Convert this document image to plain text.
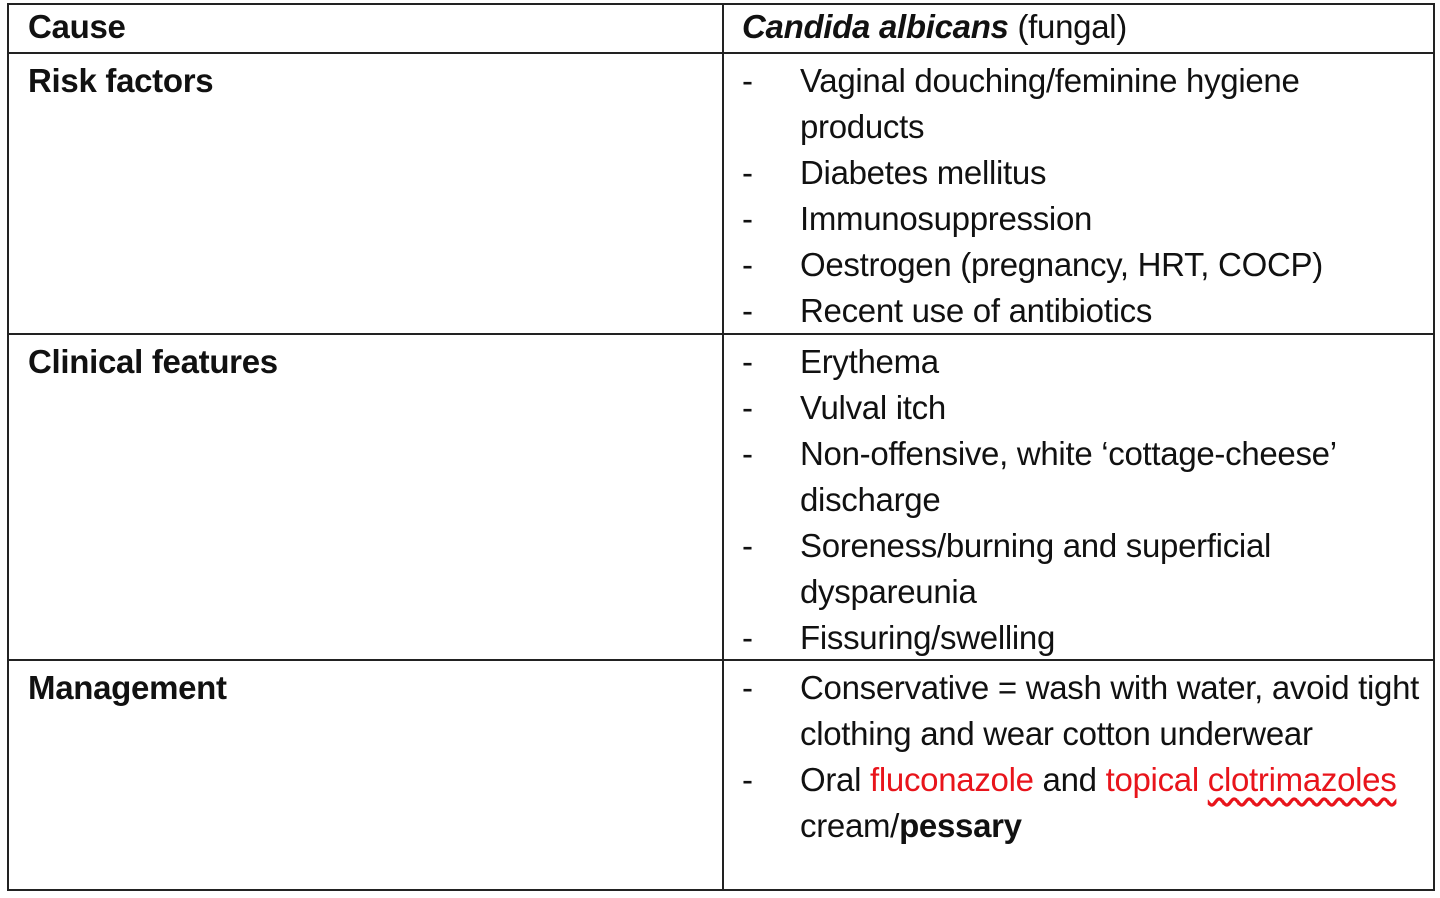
Cause	Candida albicans (fungal)
Risk factors	- Vaginal douching/feminine hygiene products
- Diabetes mellitus
- Immunosuppression
- Oestrogen (pregnancy, HRT, COCP)
- Recent use of antibiotics
Clinical features	- Erythema
- Vulval itch
- Non-offensive, white ‘cottage-cheese’ discharge
- Soreness/burning and superficial dyspareunia
- Fissuring/swelling
Management	- Conservative = wash with water, avoid tight clothing and wear cotton underwear
- Oral fluconazole and topical clotrimazoles cream/pessary
